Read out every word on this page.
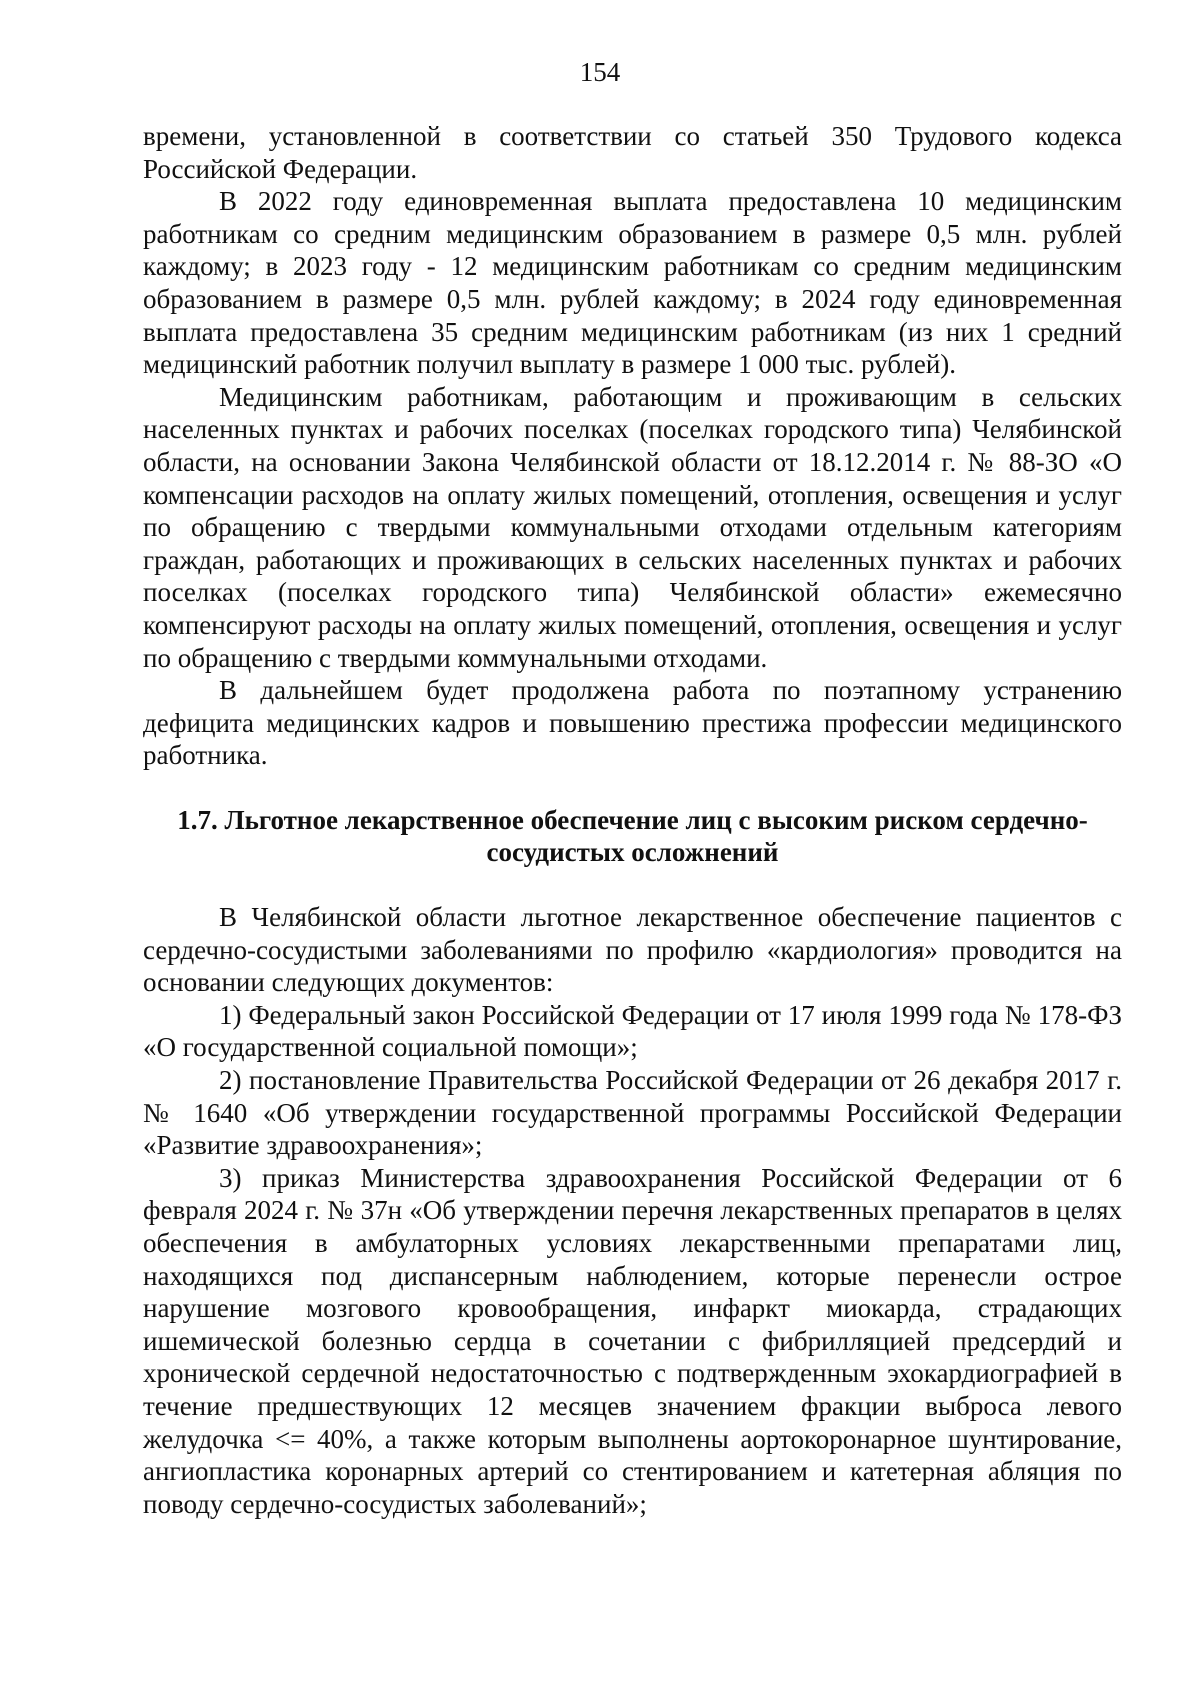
154

времени, установленной в соответствии со статьей 350 Трудового кодекса Российской Федерации.

В 2022 году единовременная выплата предоставлена 10 медицинским работникам со средним медицинским образованием в размере 0,5 млн. рублей каждому; в 2023 году - 12 медицинским работникам со средним медицинским образованием в размере 0,5 млн. рублей каждому; в 2024 году единовременная выплата предоставлена 35 средним медицинским работникам (из них 1 средний медицинский работник получил выплату в размере 1 000 тыс. рублей).

Медицинским работникам, работающим и проживающим в сельских населенных пунктах и рабочих поселках (поселках городского типа) Челябинской области, на основании Закона Челябинской области от 18.12.2014 г. № 88-ЗО «О компенсации расходов на оплату жилых помещений, отопления, освещения и услуг по обращению с твердыми коммунальными отходами отдельным категориям граждан, работающих и проживающих в сельских населенных пунктах и рабочих поселках (поселках городского типа) Челябинской области» ежемесячно компенсируют расходы на оплату жилых помещений, отопления, освещения и услуг по обращению с твердыми коммунальными отходами.

В дальнейшем будет продолжена работа по поэтапному устранению дефицита медицинских кадров и повышению престижа профессии медицинского работника.

1.7. Льготное лекарственное обеспечение лиц с высоким риском сердечно-сосудистых осложнений

В Челябинской области льготное лекарственное обеспечение пациентов с сердечно-сосудистыми заболеваниями по профилю «кардиология» проводится на основании следующих документов:

1) Федеральный закон Российской Федерации от 17 июля 1999 года № 178-ФЗ «О государственной социальной помощи»;

2) постановление Правительства Российской Федерации от 26 декабря 2017 г. № 1640 «Об утверждении государственной программы Российской Федерации «Развитие здравоохранения»;

3) приказ Министерства здравоохранения Российской Федерации от 6 февраля 2024 г. № 37н «Об утверждении перечня лекарственных препаратов в целях обеспечения в амбулаторных условиях лекарственными препаратами лиц, находящихся под диспансерным наблюдением, которые перенесли острое нарушение мозгового кровообращения, инфаркт миокарда, страдающих ишемической болезнью сердца в сочетании с фибрилляцией предсердий и хронической сердечной недостаточностью с подтвержденным эхокардиографией в течение предшествующих 12 месяцев значением фракции выброса левого желудочка <= 40%, а также которым выполнены аортокоронарное шунтирование, ангиопластика коронарных артерий со стентированием и катетерная абляция по поводу сердечно-сосудистых заболеваний»;
